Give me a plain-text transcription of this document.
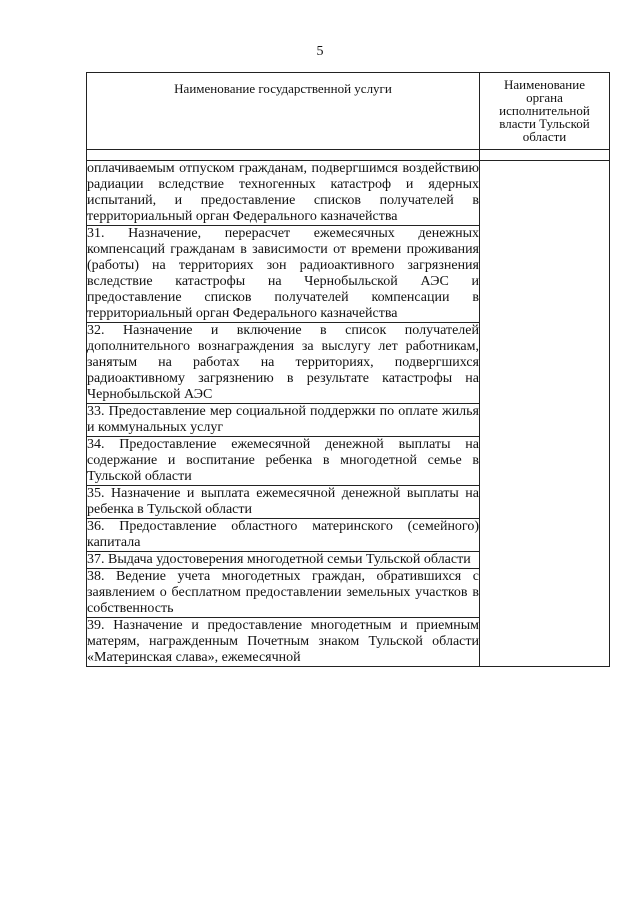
5
Наименование государственной услуги	Наименование органа исполнительной власти Тульской области

оплачиваемым отпуском гражданам, подвергшимся воздействию радиации вследствие техногенных катастроф и ядерных испытаний, и предоставление списков получателей в территориальный орган Федерального казначейства	
31. Назначение, перерасчет ежемесячных денежных компенсаций гражданам в зависимости от времени проживания (работы) на территориях зон радиоактивного загрязнения вследствие катастрофы на Чернобыльской АЭС и предоставление списков получателей компенсации в территориальный орган Федерального казначейства	
32. Назначение и включение в список получателей дополнительного вознаграждения за выслугу лет работникам, занятым на работах на территориях, подвергшихся радиоактивному загрязнению в результате катастрофы на Чернобыльской АЭС	
33. Предоставление мер социальной поддержки по оплате жилья и коммунальных услуг	
34. Предоставление ежемесячной денежной выплаты на содержание и воспитание ребенка в многодетной семье в Тульской области	
35. Назначение и выплата ежемесячной денежной выплаты на ребенка в Тульской области	
36. Предоставление областного материнского (семейного) капитала	
37. Выдача удостоверения многодетной семьи Тульской области	
38. Ведение учета многодетных граждан, обратившихся с заявлением о бесплатном предоставлении земельных участков в собственность	
39. Назначение и предоставление многодетным и приемным матерям, награжденным Почетным знаком Тульской области «Материнская слава», ежемесячной	
